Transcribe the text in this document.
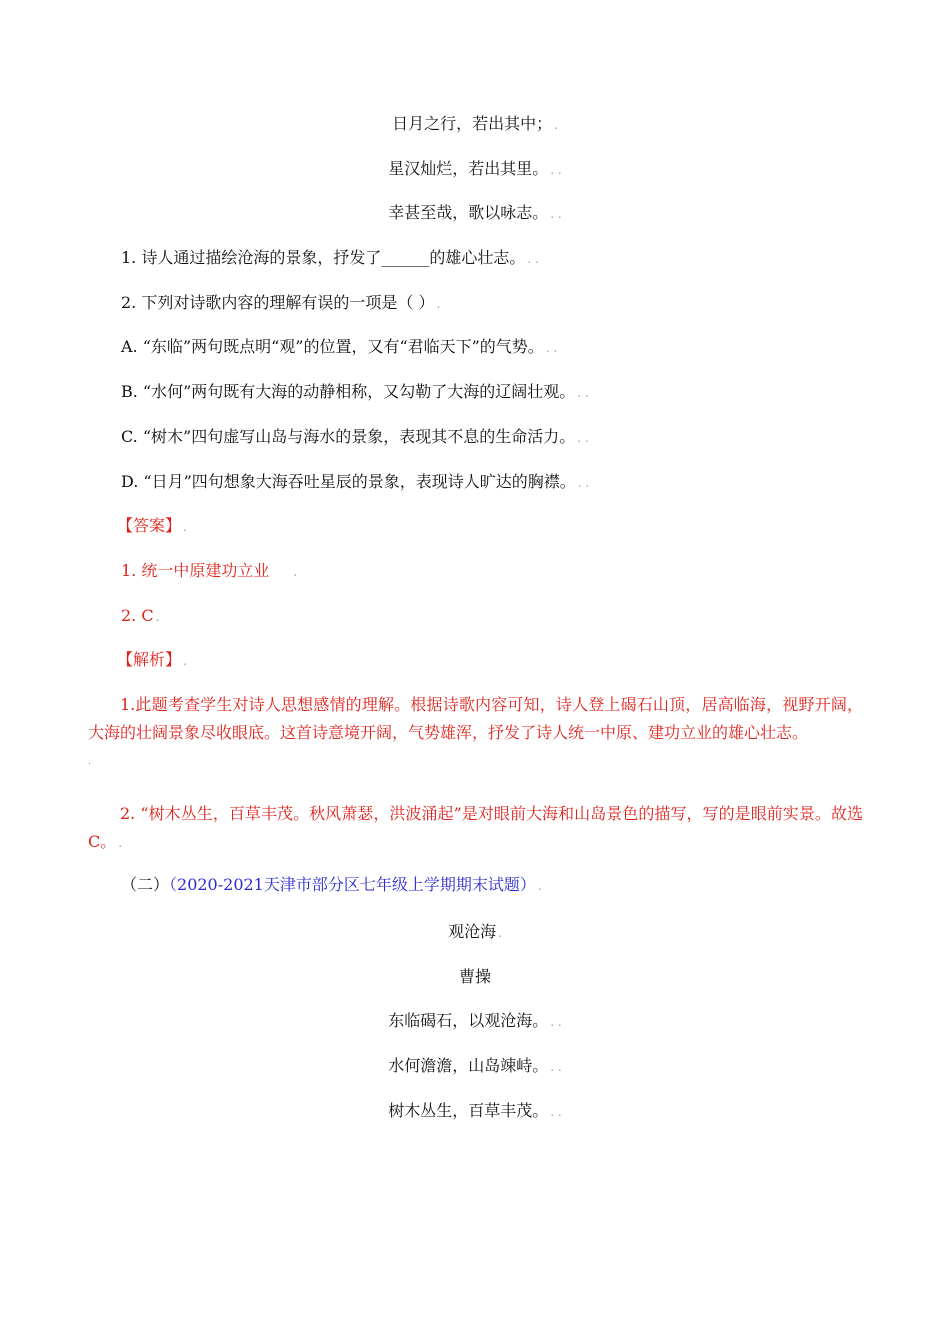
日月之行，若出其中； .
星汉灿烂，若出其里。 . .
幸甚至哉，歌以咏志。 . .
1. 诗人通过描绘沧海的景象，抒发了______的雄心壮志。 . .
2. 下列对诗歌内容的理解有误的一项是（ ） .
A. “东临”两句既点明“观”的位置，又有“君临天下”的气势。 . .
B. “水何”两句既有大海的动静相称，又勾勒了大海的辽阔壮观。 . .
C. “树木”四句虚写山岛与海水的景象，表现其不息的生命活力。 . .
D. “日月”四句想象大海吞吐星辰的景象，表现诗人旷达的胸襟。 . .
【答案】 .
1. 统一中原建功立业 .
2. C .
【解析】 .
1.此题考查学生对诗人思想感情的理解。根据诗歌内容可知，诗人登上碣石山顶，居高临海，视野开阔，大海的壮阔景象尽收眼底。这首诗意境开阔，气势雄浑，抒发了诗人统一中原、建功立业的雄心壮志。
.
2. “树木丛生，百草丰茂。秋风萧瑟，洪波涌起”是对眼前大海和山岛景色的描写，写的是眼前实景。故选C。 .
（二）（2020-2021天津市部分区七年级上学期期末试题） .
观沧海 .
曹操
东临碣石，以观沧海。 . .
水何澹澹，山岛竦峙。 . .
树木丛生，百草丰茂。 . .
